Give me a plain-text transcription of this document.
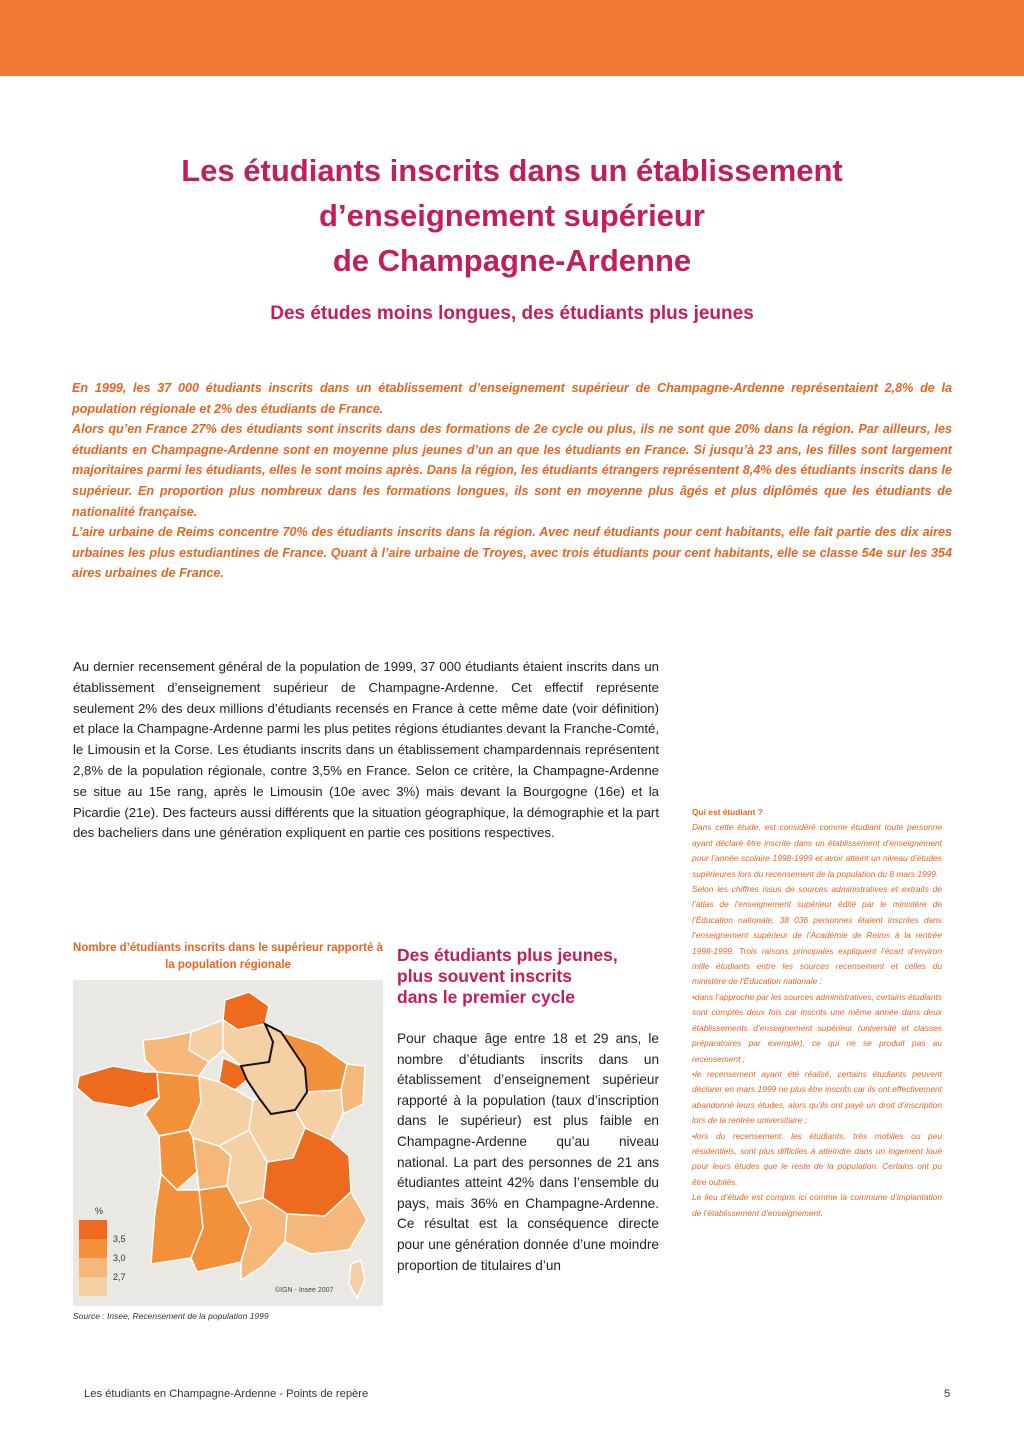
Les étudiants inscrits dans un établissement
d’enseignement supérieur
de Champagne-Ardenne
Des études moins longues, des étudiants plus jeunes

En 1999, les 37 000 étudiants inscrits dans un établissement d’enseignement supérieur de Champagne-Ardenne représentaient 2,8% de la population régionale et 2% des étudiants de France.

Alors qu’en France 27% des étudiants sont inscrits dans des formations de 2e cycle ou plus, ils ne sont que 20% dans la région. Par ailleurs, les étudiants en Champagne-Ardenne sont en moyenne plus jeunes d’un an que les étudiants en France. Si jusqu’à 23 ans, les filles sont largement majoritaires parmi les étudiants, elles le sont moins après. Dans la région, les étudiants étrangers représentent 8,4% des étudiants inscrits dans le supérieur. En proportion plus nombreux dans les formations longues, ils sont en moyenne plus âgés et plus diplômés que les étudiants de nationalité française.

L’aire urbaine de Reims concentre 70% des étudiants inscrits dans la région. Avec neuf étudiants pour cent habitants, elle fait partie des dix aires urbaines les plus estudiantines de France. Quant à l’aire urbaine de Troyes, avec trois étudiants pour cent habitants, elle se classe 54e sur les 354 aires urbaines de France.

Au dernier recensement général de la population de 1999, 37 000 étudiants étaient inscrits dans un établissement d’enseignement supérieur de Champagne-Ardenne. Cet effectif représente seulement 2% des deux millions d’étudiants recensés en France à cette même date (voir définition) et place la Champagne-Ardenne parmi les plus petites régions étudiantes devant la Franche-Comté, le Limousin et la Corse. Les étudiants inscrits dans un établissement champardennais représentent 2,8% de la population régionale, contre 3,5% en France. Selon ce critère, la Champagne-Ardenne se situe au 15e rang, après le Limousin (10e avec 3%) mais devant la Bourgogne (16e) et la Picardie (21e). Des facteurs aussi différents que la situation géographique, la démographie et la part des bacheliers dans une génération expliquent en partie ces positions respectives.

Qui est étudiant ?

Dans cette étude, est considéré comme étudiant toute personne ayant déclaré être inscrite dans un établissement d’enseignement pour l’année scolaire 1998-1999 et avoir atteint un niveau d’études supérieures lors du recensement de la population du 8 mars 1999.

Selon les chiffres issus de sources administratives et extraits de l’atlas de l’enseignement supérieur édité par le ministère de l’Éducation nationale, 38 036 personnes étaient inscrites dans l’enseignement supérieur de l’Académie de Reims à la rentrée 1998-1999. Trois raisons principales expliquent l’écart d’environ mille étudiants entre les sources recensement et celles du ministère de l’Éducation nationale :

•dans l’approche par les sources administratives, certains étudiants sont comptés deux fois car inscrits une même année dans deux établissements d’enseignement supérieur (université et classes préparatoires par exemple), ce qui ne se produit pas au recensement ;

•le recensement ayant été réalisé, certains étudiants peuvent déclarer en mars 1999 ne plus être inscrits car ils ont effectivement abandonné leurs études, alors qu’ils ont payé un droit d’inscription lors de la rentrée universitaire ;

•lors du recensement, les étudiants, très mobiles ou peu résidentiels, sont plus difficiles à atteindre dans un logement loué pour leurs études que le reste de la population. Certains ont pu être oubliés.

Le lieu d’étude est compris ici comme la commune d’implantation de l’établissement d’enseignement.

Nombre d’étudiants inscrits dans le supérieur rapporté à la population régionale
%
3,5
3,0
2,7
©IGN - Insee 2007
Source : Insee, Recensement de la population 1999
Des étudiants plus jeunes,
plus souvent inscrits
dans le premier cycle

Pour chaque âge entre 18 et 29 ans, le nombre d’étudiants inscrits dans un établissement d’enseignement supérieur rapporté à la population (taux d’inscription dans le supérieur) est plus faible en Champagne-Ardenne qu’au niveau national. La part des personnes de 21 ans étudiantes atteint 42% dans l’ensemble du pays, mais 36% en Champagne-Ardenne. Ce résultat est la conséquence directe pour une génération donnée d’une moindre proportion de titulaires d’un

Les étudiants en Champagne-Ardenne - Points de repère	5
